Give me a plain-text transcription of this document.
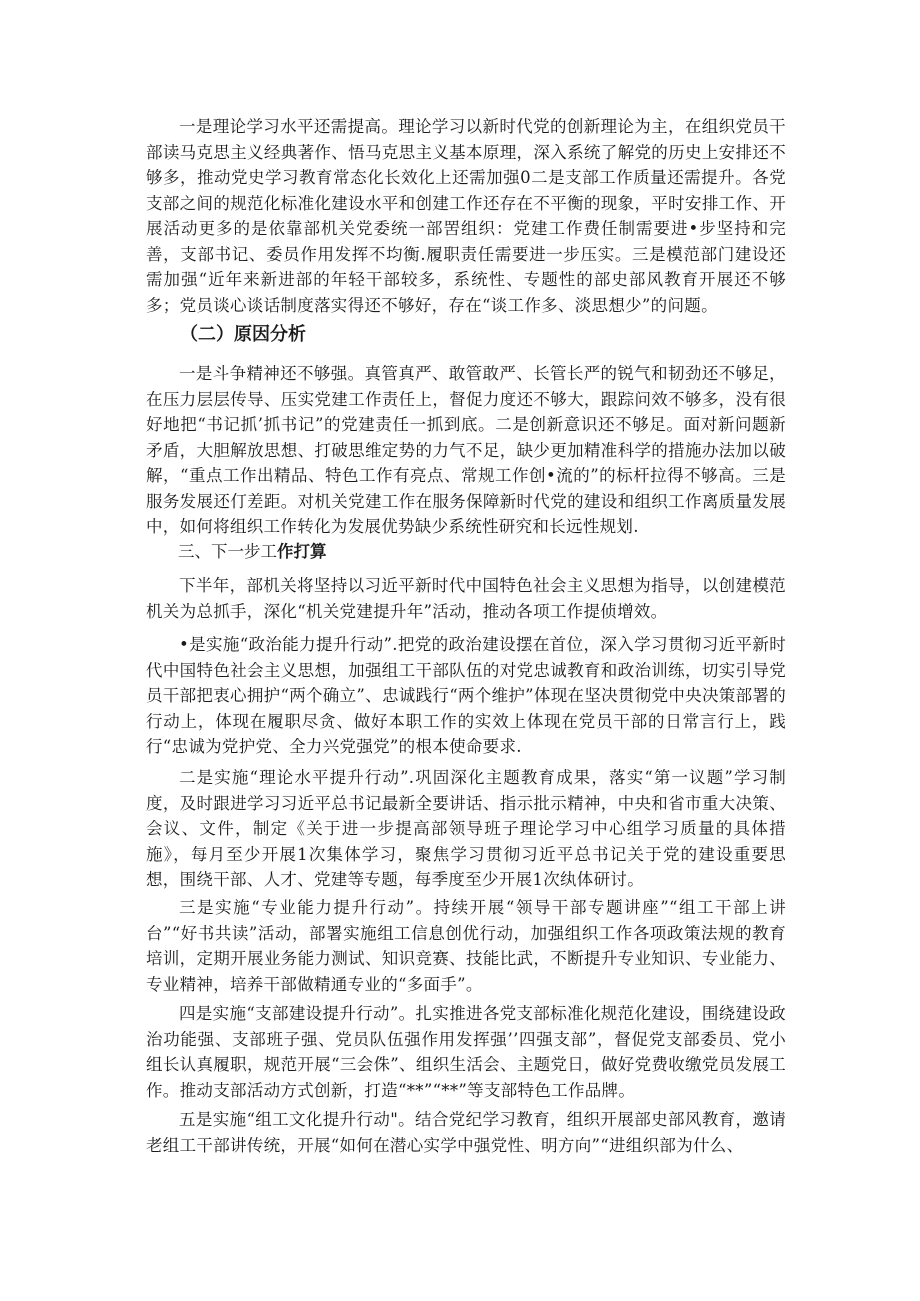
一是理论学习水平还需提高。理论学习以新时代党的创新理论为主，在组织党员干部读马克思主义经典著作、悟马克思主义基本原理，深入系统了解党的历史上安排还不够多，推动党史学习教育常态化长效化上还需加强0二是支部工作质量还需提升。各党支部之间的规范化标准化建设水平和创建工作还存在不平衡的现象，平时安排工作、开展活动更多的是依靠部机关党委统一部罟组织：党建工作费任制需要进•步坚持和完善，支部书记、委员作用发挥不均衡.履职责任需要进一步压实。三是模范部门建设还需加强“近年来新进部的年轻干部较多，系统性、专题性的部史部风教育开展还不够多；党员谈心谈话制度落实得还不够好，存在“谈工作多、淡思想少”的问题。

（二）原因分析

一是斗争精神还不够强。真管真严、敢管敢严、长管长严的锐气和韧劲还不够足，在压力层层传导、压实党建工作责任上，督促力度还不够大，跟踪问效不够多，没有很好地把“书记抓’抓书记”的党建责任一抓到底。二是创新意识还不够足。面对新问题新矛盾，大胆解放思想、打破思维定势的力气不足，缺少更加精准科学的措施办法加以破解，“重点工作出精品、特色工作有亮点、常规工作创•流的”的标杆拉得不够高。三是服务发展还仃差距。对机关党建工作在服务保障新时代党的建设和组织工作离质量发展中，如何将组织工作转化为发展优势缺少系统性研究和长远性规划.

三、下一步工作打算

下半年，部机关将坚持以习近平新时代中国特色社会主义思想为指导，以创建模范机关为总抓手，深化“机关党建提升年”活动，推动各项工作提侦增效。

•是实施“政治能力提升行动”.把党的政治建设摆在首位，深入学习贯彻习近平新时代中国特色社会主义思想，加强组工干部队伍的对党忠诚教育和政治训练，切实引导党员干部把衷心拥护“两个确立”、忠诚践行“两个维护”体现在坚决贯彻党中央决策部署的行动上，体现在履职尽贪、做好本职工作的实效上体现在党员干部的日常言行上，践行“忠诚为党护党、全力兴党强党”的根本使命要求.

二是实施“理论水平提升行动”.巩固深化主题教育成果，落实“第一议题”学习制度，及时跟进学习习近平总书记最新全要讲话、指示批示精神，中央和省市重大决策、会议、文件，制定《关于进一步提高部领导班子理论学习中心组学习质量的具体措施》，每月至少开展1次集体学习，聚焦学习贯彻习近平总书记关于党的建设重要思想，围绕干部、人才、党建等专题，每季度至少开展1次纨体研讨。

三是实施“专业能力提升行动”。持续开展“领导干部专题讲座”“组工干部上讲台”“好书共读”活动，部署实施组工信息创优行动，加强组织工作各项政策法规的教育培训，定期开展业务能力测试、知识竞赛、技能比武，不断提升专业知识、专业能力、专业精神，培养干部做精通专业的“多面手”。

四是实施“支部建设提升行动”。扎实推进各党支部标准化规范化建设，围绕建设政治功能强、支部班子强、党员队伍强作用发挥强’’四强支部”，督促党支部委员、党小组长认真履职，规范开展“三会侏”、组织生活会、主题党日，做好党费收缴党员发展工作。推动支部活动方式创新，打造“**”“**”等支部特色工作品牌。

五是实施“组工文化提升行动"。结合党纪学习教育，组织开展部史部风教育，邀请老组工干部讲传统，开展“如何在潜心实学中强党性、明方向”“进组织部为什么、
